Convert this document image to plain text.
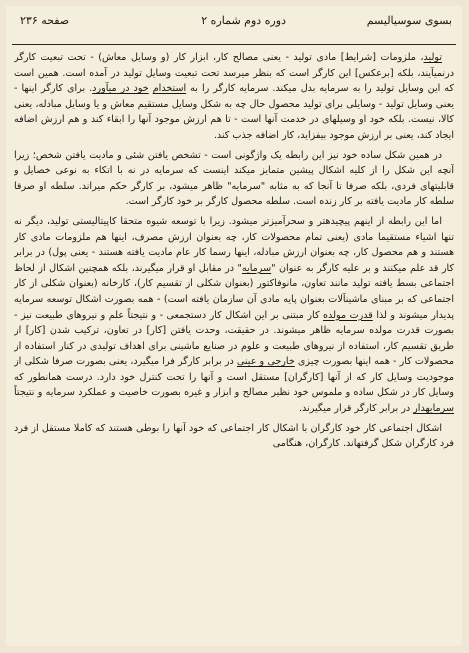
بسوی سوسیالیسم
دوره دوم شماره ۲
صفحه ۲۳۶

تولید، ملزومات [شرایط] مادی تولید - یعنی مصالح کار، ابزار کار (و وسایل معاش) - تحت تبعیت کارگر درنمیآیند، بلکه [برعکس] این کارگر است که بنظر میرسد تحت تبعیت وسایل تولید در آمده است. همین است که این وسایل تولید را به سرمایه بدل میکند. سرمایه کارگر را به استخدام خود در میآورد. برای کارگر اینها - یعنی وسایل تولید - وسایلی برای تولید محصول حال چه به شکل وسایل مستقیم معاش و یا وسایل مبادله، یعنی کالا، نیست. بلکه خود او وسیلهای در خدمت آنها است - تا هم ارزش موجود آنها را ابقاء کند و هم ارزش اضافه ایجاد کند، یعنی بر ارزش موجود بیفزاید، کار اضافه جذب کند.

در همین شکل ساده خود نیز این رابطه یک واژگونی است - تشخص یافتن شئی و مادیت یافتن شخص؛ زیرا آنچه این شکل را از کلیه اشکال پیشین متمایز میکند اینست که سرمایه در نه با اتکاء به نوعی خصایل و قابلیتهای فردی، بلکه صرفا تا آنجا که به مثابه "سرمایه" ظاهر میشود، بر کارگر حکم میراند. سلطه او صرفا سلطه کار مادیت یافته بر کار زنده است. سلطه محصول کارگر بر خود کارگر است.

اما این رابطه از اینهم پیچیدهتر و سحرآمیزتر میشود. زیرا با توسعه شیوه متحقا کاپیتالیستی تولید، دیگر نه تنها اشیاء مستقیما مادی (یعنی تمام محصولات کار، چه بعنوان ارزش مصرف، اینها هم ملزومات مادی کار هستند و هم محصول کار، چه بعنوان ارزش مبادله، اینها رسما کار عام مادیت یافته هستند - یعنی پول) در برابر کار قد علم میکنند و بر علیه کارگر به عنوان "سرمایه" در مقابل او قرار میگیرند، بلکه همچنین اشکال از لحاظ اجتماعی بسط یافته تولید مانند تعاون، مانوفاکتور (بعنوان شکلی از تقسیم کار)، کارخانه (بعنوان شکلی از کار اجتماعی که بر مبنای ماشینآلات بعنوان پایه مادی آن سازمان یافته است) - همه بصورت اشکال توسعه سرمایه پدیدار میشوند و لذا قدرت مولده کار مبتنی بر این اشکال کار دستجمعی - و نتیجتاً علم و نیروهای طبیعت نیز - بصورت قدرت مولده سرمایه ظاهر میشوند. در حقیقت، وحدت یافتن [کار] در تعاون، ترکیب شدن [کار] از طریق تقسیم کار، استفاده از نیروهای طبیعت و علوم در صنایع ماشینی برای اهداف تولیدی در کنار استفاده از محصولات کار - همه اینها بصورت چیزی خارجی و عینی در برابر کارگر فرا میگیرد، یعنی بصورت صرفا شکلی از موجودیت وسایل کار که از آنها [کارگران] مستقل است و آنها را تحت کنترل خود دارد. درست همانطور که وسایل کار در شکل ساده و ملموس خود نظیر مصالح و ابزار و غیره بصورت خاصیت و عملکرد سرمایه و نتیجتاً سرمایهدار در برابر کارگر قرار میگیرند.

اشکال اجتماعی کار خود کارگران با اشکال کار اجتماعی که خود آنها را بوطی هستند که کاملا مستقل از فرد فرد کارگران شکل گرفتهاند. کارگران، هنگامی
